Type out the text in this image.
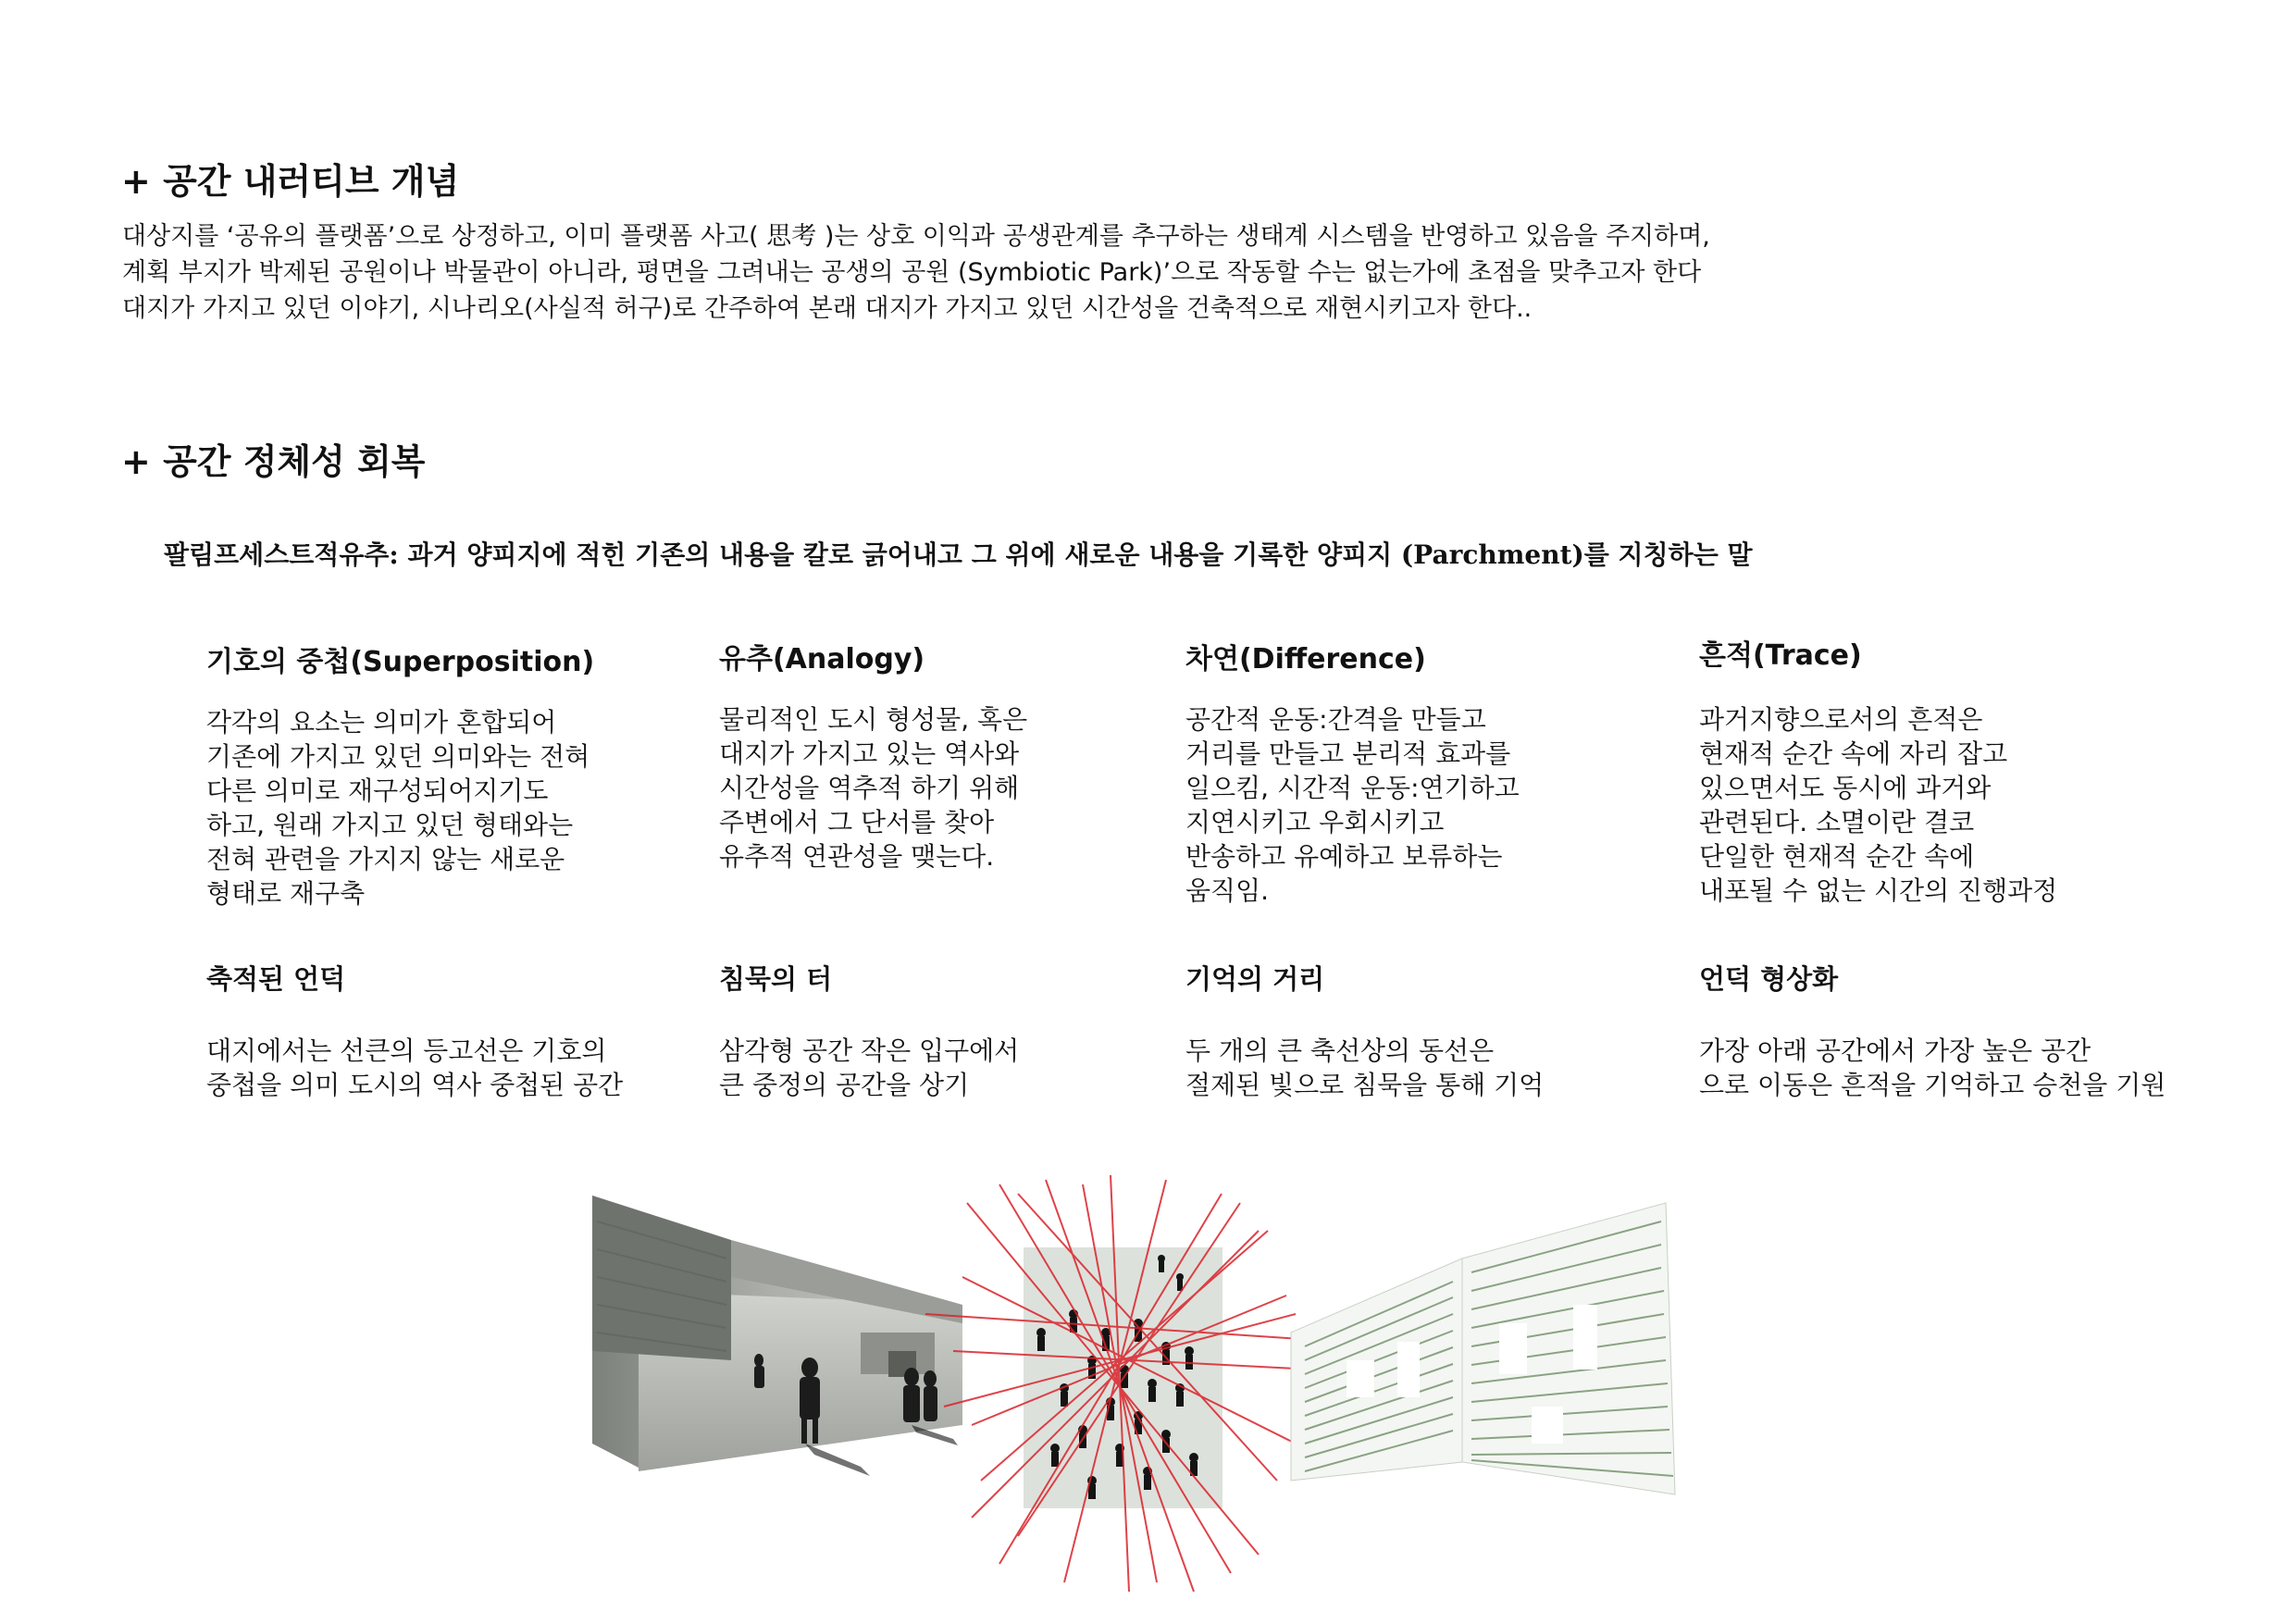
+ 공간 내러티브 개념
대상지를 ‘공유의 플랫폼’으로 상정하고, 이미 플랫폼 사고( 思考 )는 상호 이익과 공생관계를 추구하는 생태계 시스템을 반영하고 있음을 주지하며,
계획 부지가 박제된 공원이나 박물관이 아니라, 평면을 그려내는 공생의 공원 (Symbiotic Park)’으로 작동할 수는 없는가에 초점을 맞추고자 한다
대지가 가지고 있던 이야기, 시나리오(사실적 허구)로 간주하여 본래 대지가 가지고 있던 시간성을 건축적으로 재현시키고자 한다..
+ 공간 정체성 회복
팔림프세스트적유추: 과거 양피지에 적힌 기존의 내용을 칼로 긁어내고 그 위에 새로운 내용을 기록한 양피지 (Parchment)를 지칭하는 말
기호의 중첩(Superposition)
각각의 요소는 의미가 혼합되어
기존에 가지고 있던 의미와는 전혀
다른 의미로 재구성되어지기도
하고, 원래 가지고 있던 형태와는
전혀 관련을 가지지 않는 새로운
형태로 재구축
유추(Analogy)
물리적인 도시 형성물, 혹은
대지가 가지고 있는 역사와
시간성을 역추적 하기 위해
주변에서 그 단서를 찾아
유추적 연관성을 맺는다.
차연(Difference)
공간적 운동:간격을 만들고
거리를 만들고 분리적 효과를
일으킴, 시간적 운동:연기하고
지연시키고 우회시키고
반송하고 유예하고 보류하는
움직임.
흔적(Trace)
과거지향으로서의 흔적은
현재적 순간 속에 자리 잡고
있으면서도 동시에 과거와
관련된다. 소멸이란 결코
단일한 현재적 순간 속에
내포될 수 없는 시간의 진행과정
축적된 언덕
대지에서는 선큰의 등고선은 기호의
중첩을 의미 도시의 역사 중첩된 공간
침묵의 터
삼각형 공간 작은 입구에서
큰 중정의 공간을 상기
기억의 거리
두 개의 큰 축선상의 동선은
절제된 빛으로 침묵을 통해 기억
언덕 형상화
가장 아래 공간에서 가장 높은 공간
으로 이동은 흔적을 기억하고 승천을 기원
